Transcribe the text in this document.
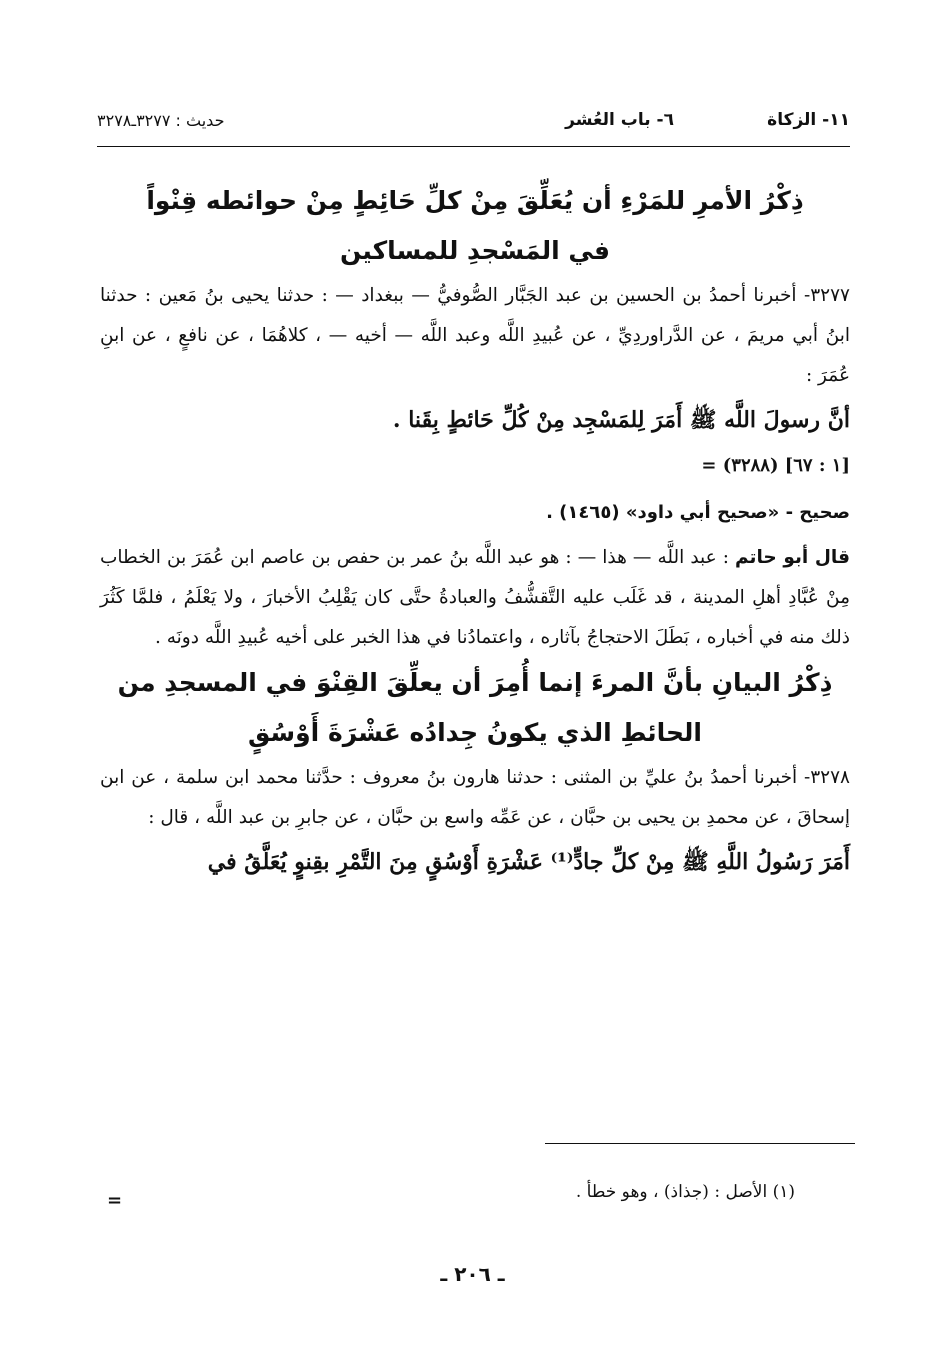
١١- الزكاة
٦- باب العُشر
حديث : ٣٢٧٧ـ٣٢٧٨
ذِكْرُ الأمرِ للمَرْءِ أن يُعَلِّقَ مِنْ كلِّ حَائِطٍ مِنْ حوائطه قِنْواً
في المَسْجدِ للمساكين

٣٢٧٧- أخبرنا أحمدُ بن الحسين بن عبد الجَبَّار الصُّوفيُّ — ببغداد — : حدثنا يحيى بنُ مَعين : حدثنا ابنُ أبي مريمَ ، عن الدَّراوردِيِّ ، عن عُبيدِ اللَّه وعبد اللَّه — أخيه — ، كلاهُمَا ، عن نافعٍ ، عن ابنِ عُمَرَ :

أنَّ رسولَ اللَّه ﷺ أَمَرَ لِلمَسْجِد مِنْ كُلِّ حَائطٍ بِقَنا .

= (٣٢٨٨) [١ : ٦٧]

صحيح - «صحيح أبي داود» (١٤٦٥) .

قال أبو حاتم : عبد اللَّه — هذا — : هو عبد اللَّه بنُ عمر بن حفص بن عاصم ابن عُمَرَ بن الخطاب مِنْ عُبَّادِ أهلِ المدينة ، قد غَلَب عليه التَّقشُّفُ والعبادةُ حتَّى كان يَقْلِبُ الأخبارَ ، ولا يَعْلَمُ ، فلمَّا كَثُرَ ذلك منه في أخباره ، بَطَلَ الاحتجاجُ بآثاره ، واعتمادُنا في هذا الخبر على أخيه عُبيدِ اللَّه دونَه .

ذِكْرُ البيانِ بأنَّ المرءَ إنما أُمِرَ أن يعلِّقَ القِنْوَ في المسجدِ من
الحائطِ الذي يكونُ جِدادُه عَشْرَةَ أَوْسُقٍ

٣٢٧٨- أخبرنا أحمدُ بنُ عليِّ بن المثنى : حدثنا هارون بنُ معروف : حدَّثنا محمد ابن سلمة ، عن ابن إسحاقَ ، عن محمدِ بن يحيى بن حبَّان ، عن عَمِّه واسع بن حبَّان ، عن جابرِ بن عبد اللَّه ، قال :

أَمَرَ رَسُولُ اللَّهِ ﷺ مِنْ كلِّ جادٍّ⁽¹⁾ عَشْرَةِ أَوْسُقٍ مِنَ التَّمْرِ بقِنوٍ يُعَلَّقُ في

(١) الأصل : (جذاذ) ، وهو خطأ .
=
ـ ٢٠٦ ـ
